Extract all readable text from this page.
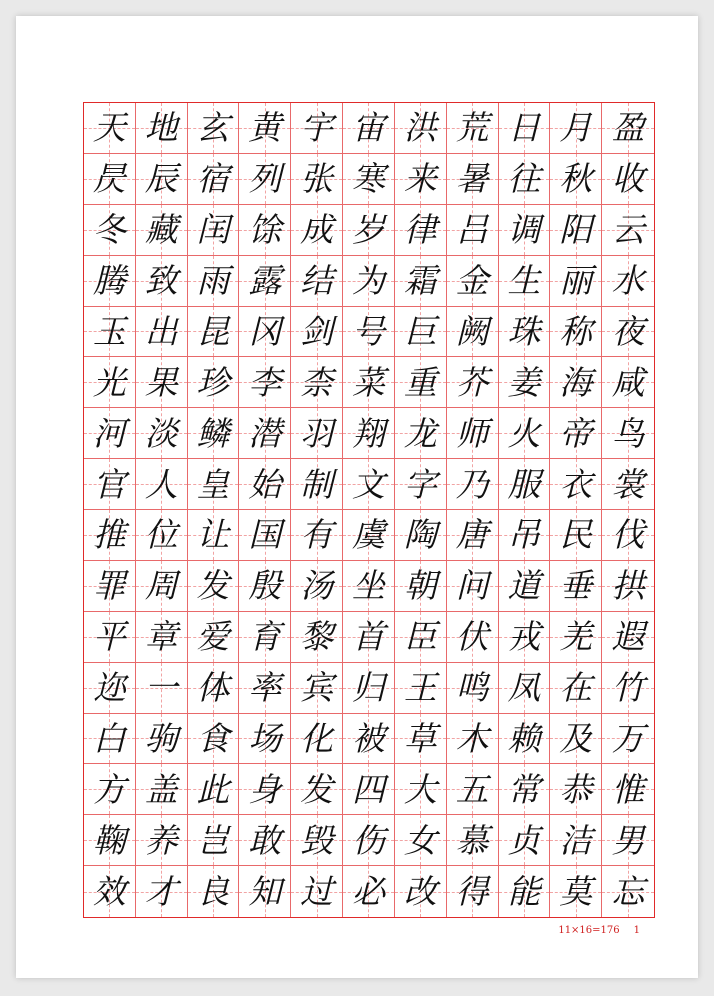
天 地 玄 黄 宇 宙 洪 荒 日 月 盈
昃 辰 宿 列 张 寒 来 暑 往 秋 收
冬 藏 闰 馀 成 岁 律 吕 调 阳 云
腾 致 雨 露 结 为 霜 金 生 丽 水
玉 出 昆 冈 剑 号 巨 阙 珠 称 夜
光 果 珍 李 柰 菜 重 芥 姜 海 咸
河 淡 鳞 潜 羽 翔 龙 师 火 帝 鸟
官 人 皇 始 制 文 字 乃 服 衣 裳
推 位 让 国 有 虞 陶 唐 吊 民 伐
罪 周 发 殷 汤 坐 朝 问 道 垂 拱
平 章 爱 育 黎 首 臣 伏 戎 羌 遐
迩 一 体 率 宾 归 王 鸣 凤 在 竹
白 驹 食 场 化 被 草 木 赖 及 万
方 盖 此 身 发 四 大 五 常 恭 惟
鞠 养 岂 敢 毁 伤 女 慕 贞 洁 男
效 才 良 知 过 必 改 得 能 莫 忘
11×16=176 1
